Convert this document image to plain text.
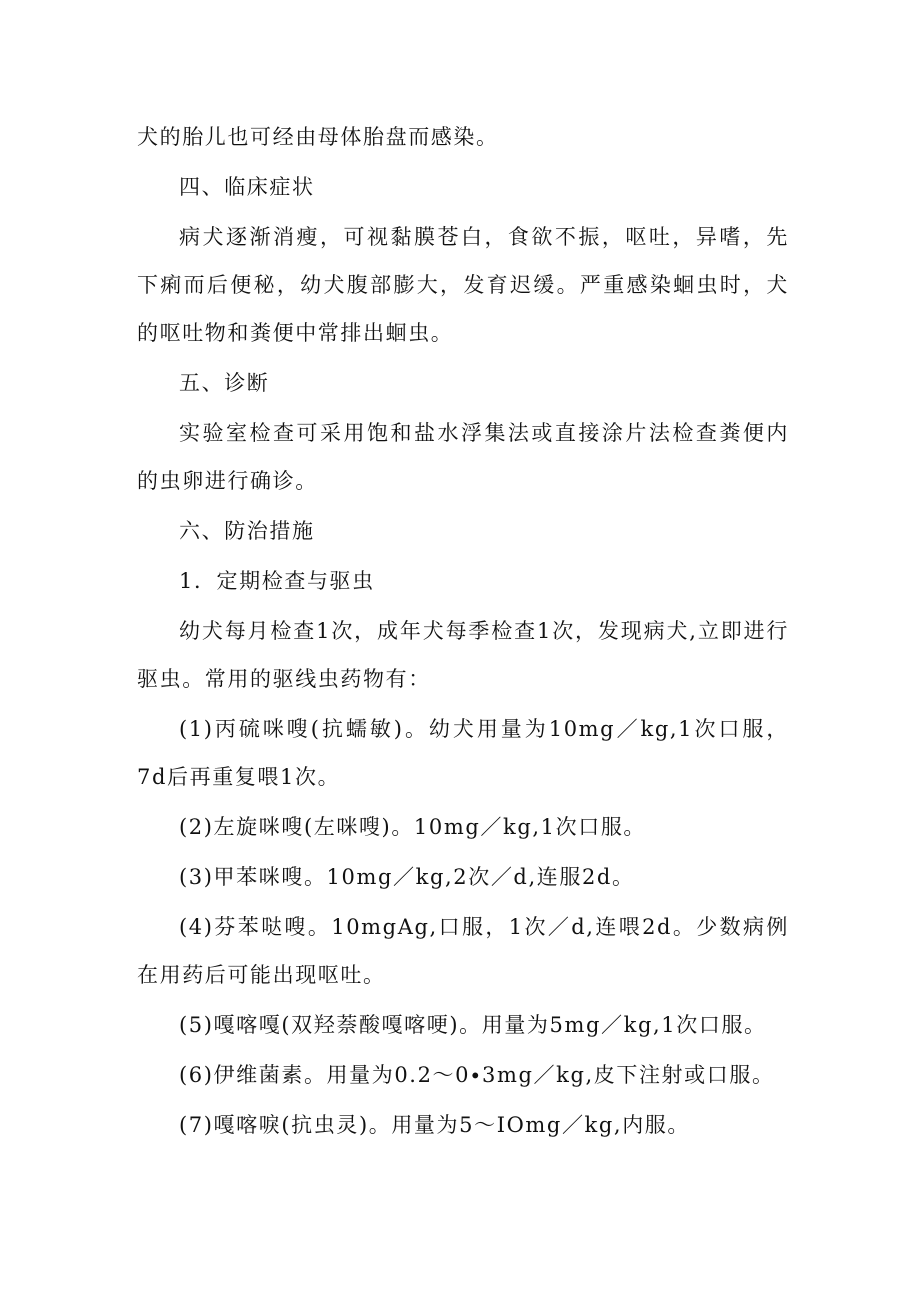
犬的胎儿也可经由母体胎盘而感染。

四、临床症状

病犬逐渐消瘦，可视黏膜苍白，食欲不振，呕吐，异嗜，先下痢而后便秘，幼犬腹部膨大，发育迟缓。严重感染蛔虫时，犬的呕吐物和粪便中常排出蛔虫。

五、诊断

实验室检查可采用饱和盐水浮集法或直接涂片法检查粪便内的虫卵进行确诊。

六、防治措施

1．定期检查与驱虫

幼犬每月检查1次，成年犬每季检查1次，发现病犬,立即进行驱虫。常用的驱线虫药物有：

(1)丙硫咪嗖(抗蠕敏)。幼犬用量为10mg／kg,1次口服，7d后再重复喂1次。

(2)左旋咪嗖(左咪嗖)。10mg／kg,1次口服。

(3)甲苯咪嗖。10mg／kg,2次／d,连服2d。

(4)芬苯哒嗖。10mgAg,口服，1次／d,连喂2d。少数病例在用药后可能出现呕吐。

(5)嘎喀嘎(双羟萘酸嘎喀哽)。用量为5mg／kg,1次口服。

(6)伊维菌素。用量为0.2～0∙3mg／kg,皮下注射或口服。

(7)嘎喀唳(抗虫灵)。用量为5～IOmg／kg,内服。
